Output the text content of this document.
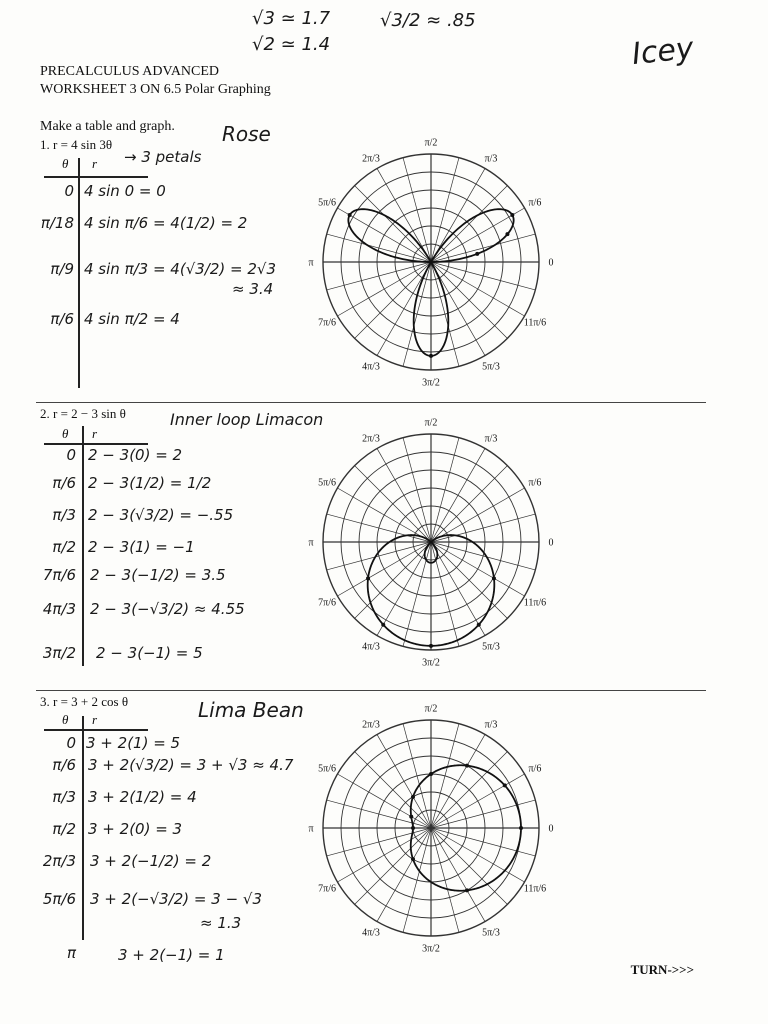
√3 ≃ 1.7
√2 ≃ 1.4
√3/2 ≈ .85
Icey
PRECALCULUS ADVANCED
WORKSHEET 3 ON 6.5 Polar Graphing
Make a table and graph.
1. r = 4 sin 3θ
→ 3 petals
Rose
θ r
0 4 sin 0 = 0
π/18 4 sin π/6 = 4(1/2) = 2
π/9 4 sin π/3 = 4(√3/2) = 2√3
≈ 3.4
π/6 4 sin π/2 = 4
2. r = 2 − 3 sin θ	Inner loop Limacon
θ r
0 2 − 3(0) = 2
π/6 2 − 3(1/2) = 1/2
π/3 2 − 3(√3/2) = −.55
π/2 2 − 3(1) = −1
7π/6 2 − 3(−1/2) = 3.5
4π/3 2 − 3(−√3/2) ≈ 4.55
3π/2 2 − 3(−1) = 5
3. r = 3 + 2 cos θ	Lima Bean
θ r
0 3 + 2(1) = 5
π/6 3 + 2(√3/2) = 3 + √3 ≈ 4.7
π/3 3 + 2(1/2) = 4
π/2 3 + 2(0) = 3
2π/3 3 + 2(−1/2) = 2
5π/6 3 + 2(−√3/2) = 3 − √3
≈ 1.3
π	3 + 2(−1) = 1
0
π/6
π/3
π/2
2π/3
5π/6
π
7π/6
4π/3
3π/2
5π/3
11π/6
0
π/6
π/3
π/2
2π/3
5π/6
π
7π/6
4π/3
3π/2
5π/3
11π/6
0
π/6
π/3
π/2
2π/3
5π/6
π
7π/6
4π/3
3π/2
5π/3
11π/6
TURN->>>
